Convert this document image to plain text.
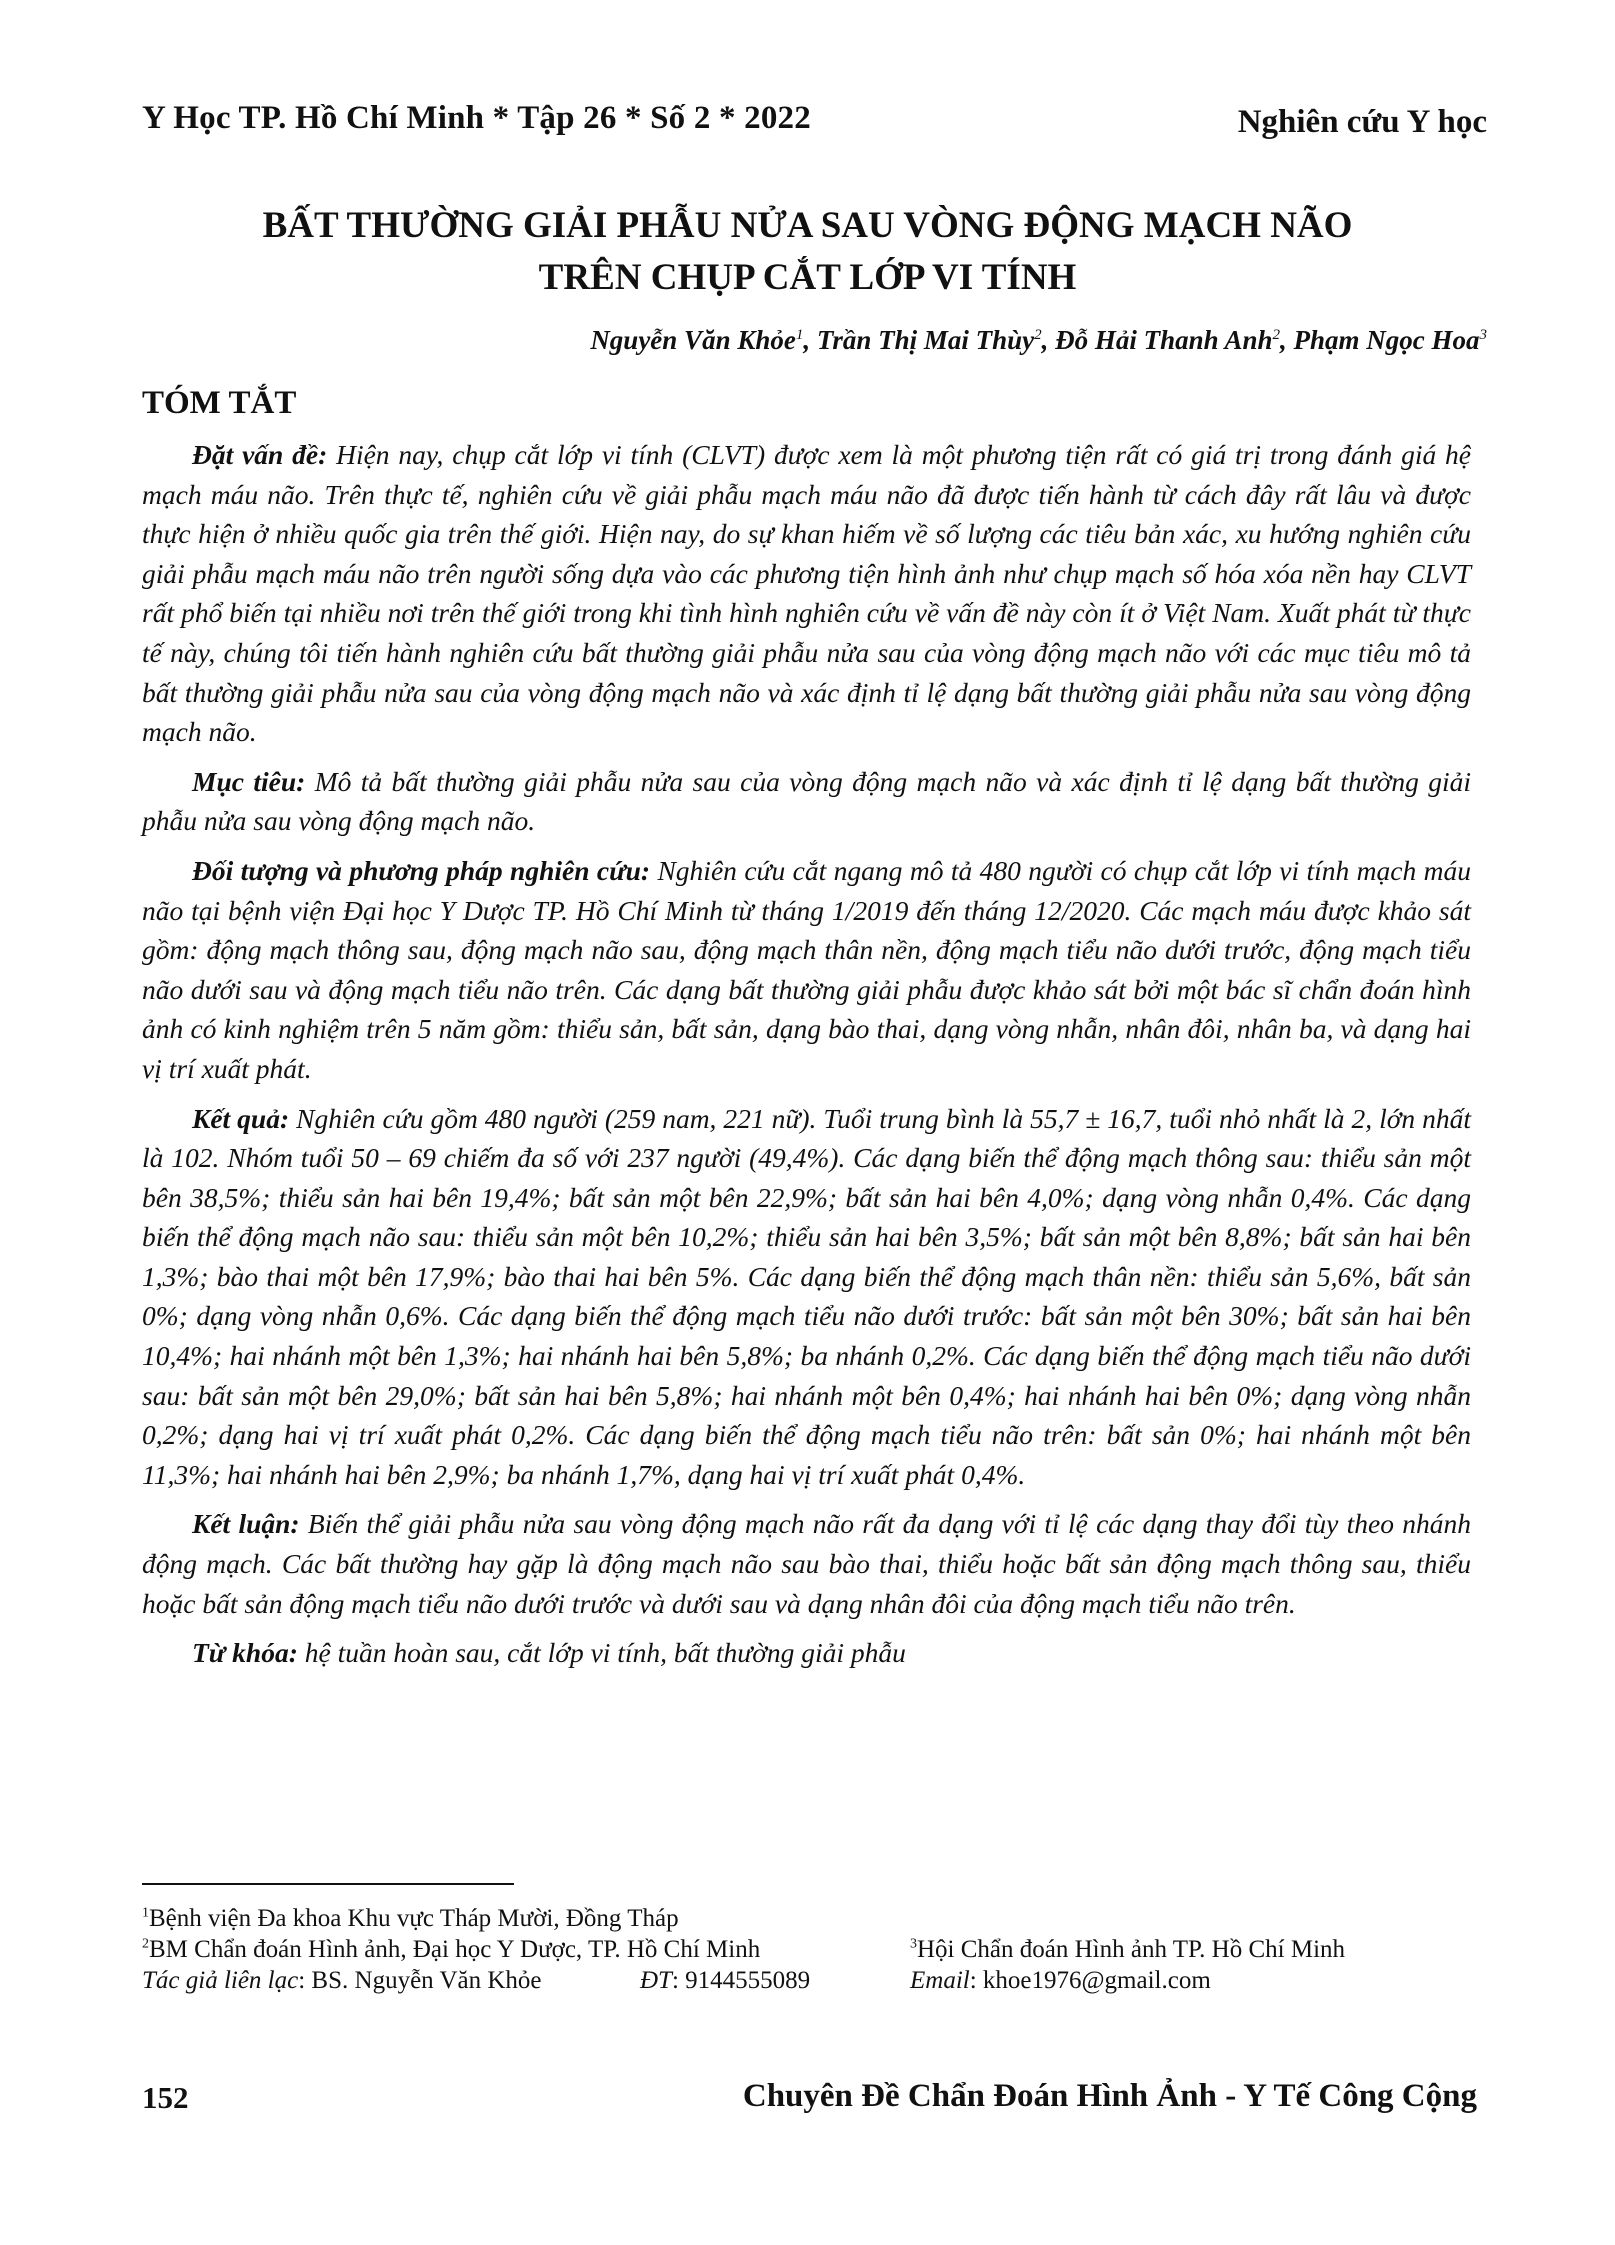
Y Học TP. Hồ Chí Minh * Tập 26 * Số 2 * 2022	Nghiên cứu Y học
BẤT THƯỜNG GIẢI PHẪU NỬA SAU VÒNG ĐỘNG MẠCH NÃO
TRÊN CHỤP CẮT LỚP VI TÍNH
Nguyễn Văn Khỏe$^1$, Trần Thị Mai Thùy$^2$, Đỗ Hải Thanh Anh$^2$, Phạm Ngọc Hoa$^3$
TÓM TẮT

Đặt vấn đề: Hiện nay, chụp cắt lớp vi tính (CLVT) được xem là một phương tiện rất có giá trị trong đánh giá hệ mạch máu não. Trên thực tế, nghiên cứu về giải phẫu mạch máu não đã được tiến hành từ cách đây rất lâu và được thực hiện ở nhiều quốc gia trên thế giới. Hiện nay, do sự khan hiếm về số lượng các tiêu bản xác, xu hướng nghiên cứu giải phẫu mạch máu não trên người sống dựa vào các phương tiện hình ảnh như chụp mạch số hóa xóa nền hay CLVT rất phổ biến tại nhiều nơi trên thế giới trong khi tình hình nghiên cứu về vấn đề này còn ít ở Việt Nam. Xuất phát từ thực tế này, chúng tôi tiến hành nghiên cứu bất thường giải phẫu nửa sau của vòng động mạch não với các mục tiêu mô tả bất thường giải phẫu nửa sau của vòng động mạch não và xác định tỉ lệ dạng bất thường giải phẫu nửa sau vòng động mạch não.

Mục tiêu: Mô tả bất thường giải phẫu nửa sau của vòng động mạch não và xác định tỉ lệ dạng bất thường giải phẫu nửa sau vòng động mạch não.

Đối tượng và phương pháp nghiên cứu: Nghiên cứu cắt ngang mô tả 480 người có chụp cắt lớp vi tính mạch máu não tại bệnh viện Đại học Y Dược TP. Hồ Chí Minh từ tháng 1/2019 đến tháng 12/2020. Các mạch máu được khảo sát gồm: động mạch thông sau, động mạch não sau, động mạch thân nền, động mạch tiểu não dưới trước, động mạch tiểu não dưới sau và động mạch tiểu não trên. Các dạng bất thường giải phẫu được khảo sát bởi một bác sĩ chẩn đoán hình ảnh có kinh nghiệm trên 5 năm gồm: thiểu sản, bất sản, dạng bào thai, dạng vòng nhẫn, nhân đôi, nhân ba, và dạng hai vị trí xuất phát.

Kết quả: Nghiên cứu gồm 480 người (259 nam, 221 nữ). Tuổi trung bình là 55,7 ± 16,7, tuổi nhỏ nhất là 2, lớn nhất là 102. Nhóm tuổi 50 – 69 chiếm đa số với 237 người (49,4%). Các dạng biến thể động mạch thông sau: thiểu sản một bên 38,5%; thiểu sản hai bên 19,4%; bất sản một bên 22,9%; bất sản hai bên 4,0%; dạng vòng nhẫn 0,4%. Các dạng biến thể động mạch não sau: thiểu sản một bên 10,2%; thiểu sản hai bên 3,5%; bất sản một bên 8,8%; bất sản hai bên 1,3%; bào thai một bên 17,9%; bào thai hai bên 5%. Các dạng biến thể động mạch thân nền: thiểu sản 5,6%, bất sản 0%; dạng vòng nhẫn 0,6%. Các dạng biến thể động mạch tiểu não dưới trước: bất sản một bên 30%; bất sản hai bên 10,4%; hai nhánh một bên 1,3%; hai nhánh hai bên 5,8%; ba nhánh 0,2%. Các dạng biến thể động mạch tiểu não dưới sau: bất sản một bên 29,0%; bất sản hai bên 5,8%; hai nhánh một bên 0,4%; hai nhánh hai bên 0%; dạng vòng nhẫn 0,2%; dạng hai vị trí xuất phát 0,2%. Các dạng biến thể động mạch tiểu não trên: bất sản 0%; hai nhánh một bên 11,3%; hai nhánh hai bên 2,9%; ba nhánh 1,7%, dạng hai vị trí xuất phát 0,4%.

Kết luận: Biến thể giải phẫu nửa sau vòng động mạch não rất đa dạng với tỉ lệ các dạng thay đổi tùy theo nhánh động mạch. Các bất thường hay gặp là động mạch não sau bào thai, thiểu hoặc bất sản động mạch thông sau, thiểu hoặc bất sản động mạch tiểu não dưới trước và dưới sau và dạng nhân đôi của động mạch tiểu não trên.

Từ khóa: hệ tuần hoàn sau, cắt lớp vi tính, bất thường giải phẫu

$^1$Bệnh viện Đa khoa Khu vực Tháp Mười, Đồng Tháp
$^2$BM Chẩn đoán Hình ảnh, Đại học Y Dược, TP. Hồ Chí Minh	$^3$Hội Chẩn đoán Hình ảnh TP. Hồ Chí Minh
Tác giả liên lạc: BS. Nguyễn Văn Khỏe	ĐT: 9144555089	Email: khoe1976@gmail.com
152	Chuyên Đề Chẩn Đoán Hình Ảnh - Y Tế Công Cộng
